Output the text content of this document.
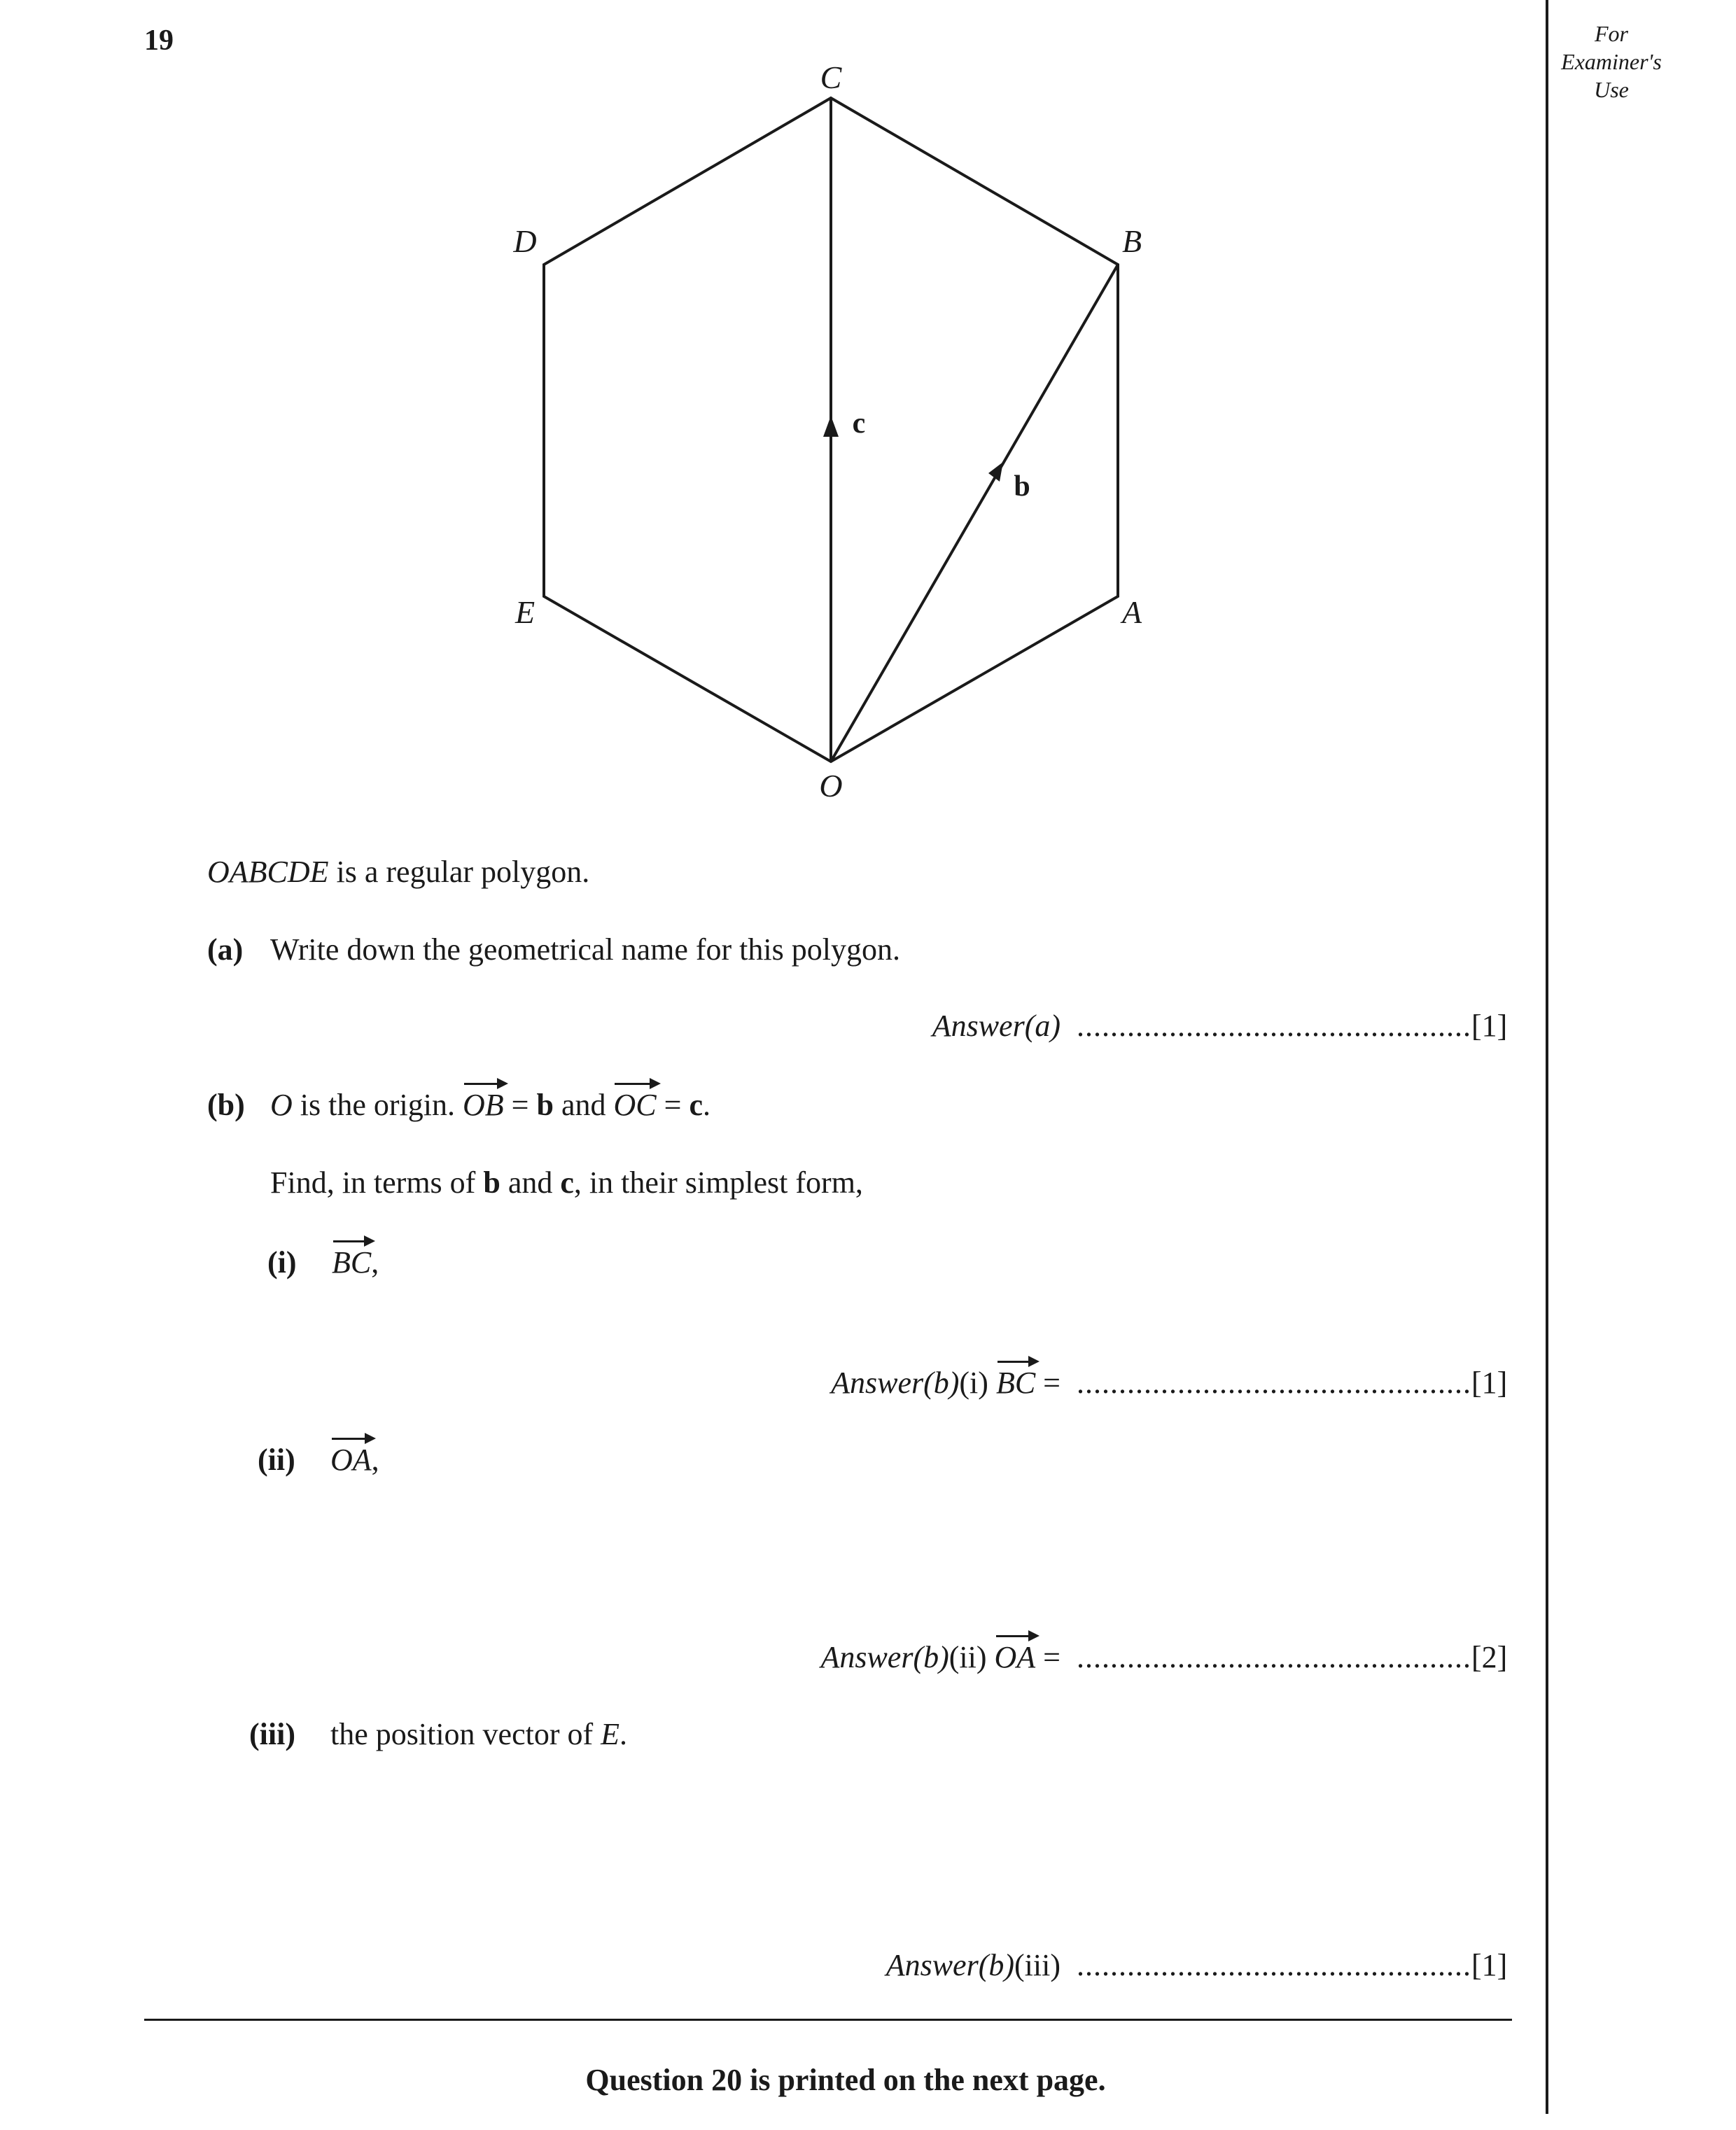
19	For
Examiner's
Use
C
B
A
O
E
D
c
b
OABCDE is a regular polygon.
(a) Write down the geometrical name for this polygon.
Answer(a) ............................................... [1]
(b) O is the origin. OB = b and OC = c.
Find, in terms of b and c, in their simplest form,
(i) BC,
Answer(b)(i) BC = ............................................... [1]
(ii) OA,
Answer(b)(ii) OA = ............................................... [2]
(iii) the position vector of E.
Answer(b)(iii) ............................................... [1]
Question 20 is printed on the next page.
